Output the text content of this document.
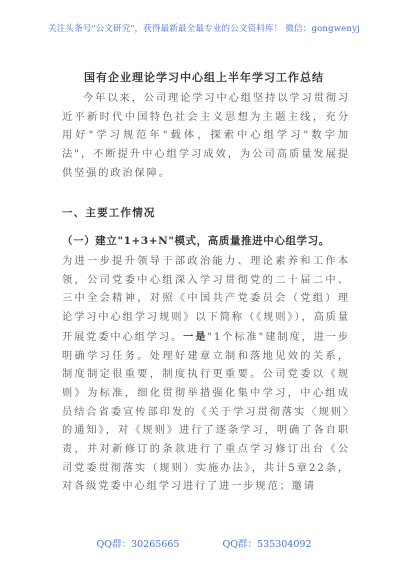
关注头条号"公文研究"，获得最新最全最专业的公文资料库！ 微信：gongwenyj
国有企业理论学习中心组上半年学习工作总结
今年以来，公司理论学习中心组坚持以学习贯彻习近平新时代中国特色社会主义思想为主题主线，充分用好"学习规范年"载体，探索中心组学习"数字加法"，不断提升中心组学习成效，为公司高质量发展提供坚强的政治保障。
一、主要工作情况
（一）建立"1+3+N"模式，高质量推进中心组学习。
为进一步提升领导干部政治能力、理论素养和工作本领，公司党委中心组深入学习贯彻党的二十届二中、三中全会精神，对照《中国共产党委员会（党组）理论学习中心组学习规则》以下简称（《规则》），高质量开展党委中心组学习。一是"1个标准"建制度，进一步明确学习任务。处理好建章立制和落地见效的关系，制度制定很重要，制度执行更重要。公司党委以《规则》为标准，细化贯彻举措强化集中学习，中心组成员结合省委宣传部印发的《关于学习贯彻落实〈规则〉的通知》，对《规则》进行了逐条学习，明确了各自职责，并对新修订的条款进行了重点学习修订出台《公司党委贯彻落实（规则）实施办法》，共计5章22条，对各级党委中心组学习进行了进一步规范；邀请
QQ群：30265665	QQ群：535304092
